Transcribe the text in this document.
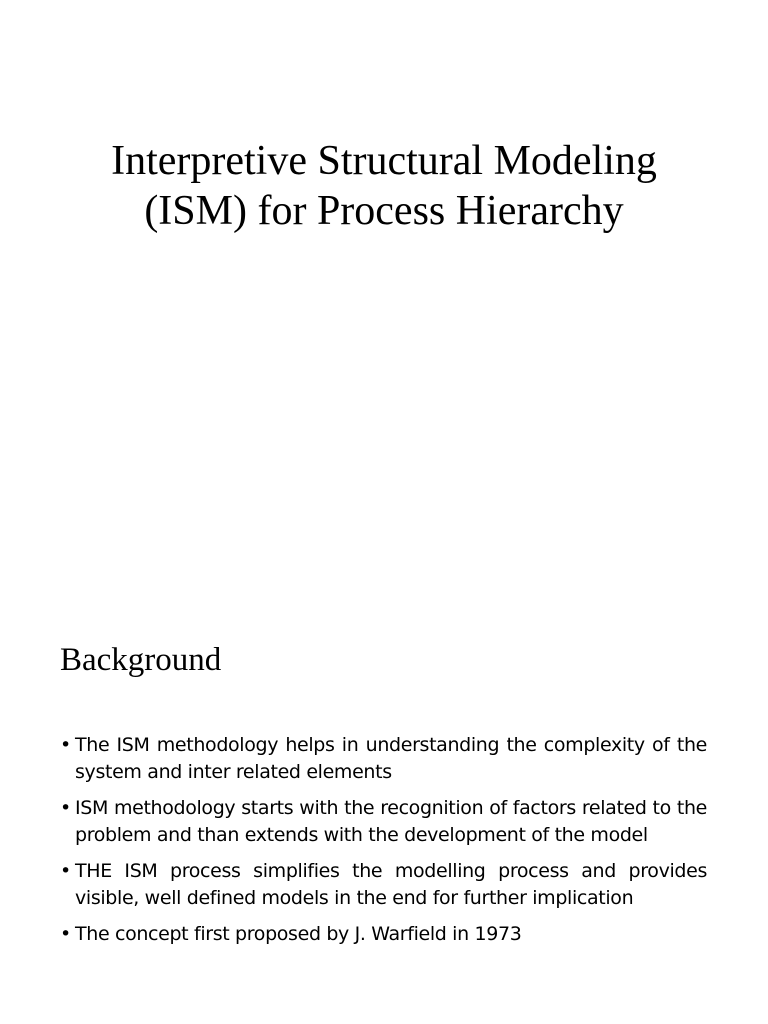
Interpretive Structural Modeling (ISM) for Process Hierarchy
Background
• The ISM methodology helps in understanding the complexity of the system and inter related elements
• ISM methodology starts with the recognition of factors related to the problem and than extends with the development of the model
• THE ISM process simplifies the modelling process and provides visible, well defined models in the end for further implication
• The concept first proposed by J. Warfield in 1973
